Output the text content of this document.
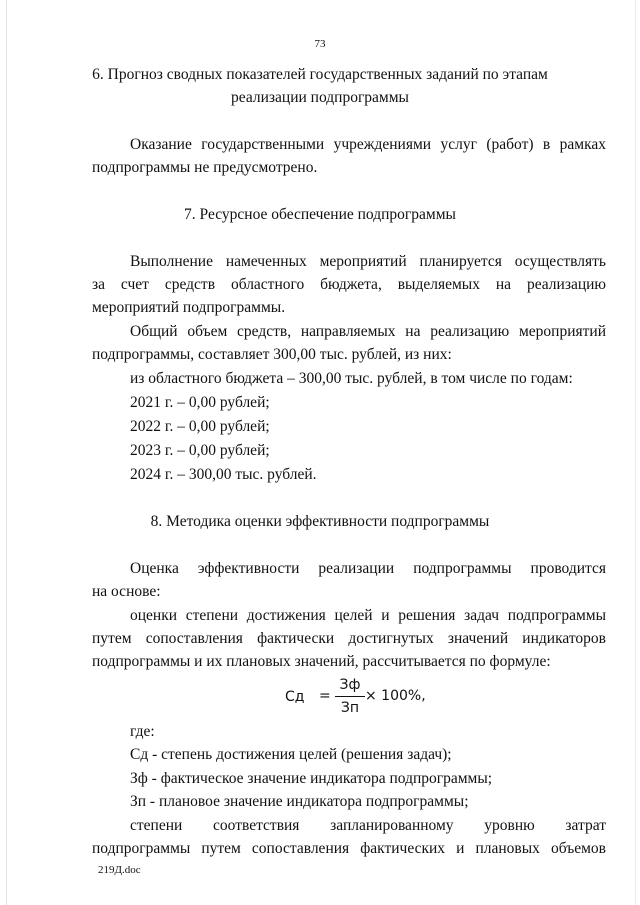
73
6. Прогноз сводных показателей государственных заданий по этапам
реализации подпрограммы
Оказание государственными учреждениями услуг (работ) в рамках
подпрограммы не предусмотрено.
7. Ресурсное обеспечение подпрограммы
Выполнение намеченных мероприятий планируется осуществлять
за счет средств областного бюджета, выделяемых на реализацию
мероприятий подпрограммы.
Общий объем средств, направляемых на реализацию мероприятий
подпрограммы, составляет 300,00 тыс. рублей, из них:
из областного бюджета – 300,00 тыс. рублей, в том числе по годам:
2021 г. – 0,00 рублей;
2022 г. – 0,00 рублей;
2023 г. – 0,00 рублей;
2024 г. – 300,00 тыс. рублей.
8. Методика оценки эффективности подпрограммы
Оценка эффективности реализации подпрограммы проводится
на основе:
оценки степени достижения целей и решения задач подпрограммы
путем сопоставления фактически достигнутых значений индикаторов
подпрограммы и их плановых значений, рассчитывается по формуле:
Сд =
Зф
Зп
× 100%,
где:
Сд - степень достижения целей (решения задач);
Зф - фактическое значение индикатора подпрограммы;
Зп - плановое значение индикатора подпрограммы;
степени соответствия запланированному уровню затрат
подпрограммы путем сопоставления фактических и плановых объемов
219Д.doc
